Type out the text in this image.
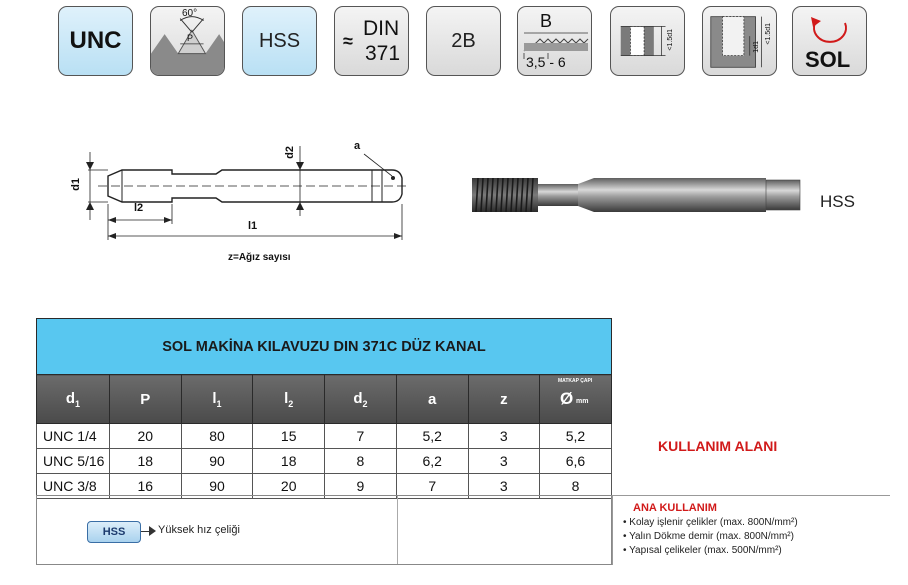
UNC
60°
P	HSS ≈
DIN
371
2B
B
3,5 - 6
<1.5d1	<1.5d1
1d1
SOL
d1
d2
l2
l1
a
z=Ağız sayısı
HSS
SOL MAKİNA KILAVUZU DIN 371C DÜZ KANAL							
$d_1$	P	$l_1$	$l_2$	$d_2$	a	z	MATKAP ÇAPI
Ø mm

UNC 1/4	20	80	15	7	5,2	3	5,2
UNC 5/16	18	90	18	8	6,2	3	6,6
UNC 3/8	16	90	20	9	7	3	8
HSS	Yüksek hız çeliği
KULLANIM ALANI
ANA KULLANIM
• Kolay işlenir çelikler (max. 800N/mm²)
• Yalın Dökme demir (max. 800N/mm²)
• Yapısal çelikeler (max. 500N/mm²)
